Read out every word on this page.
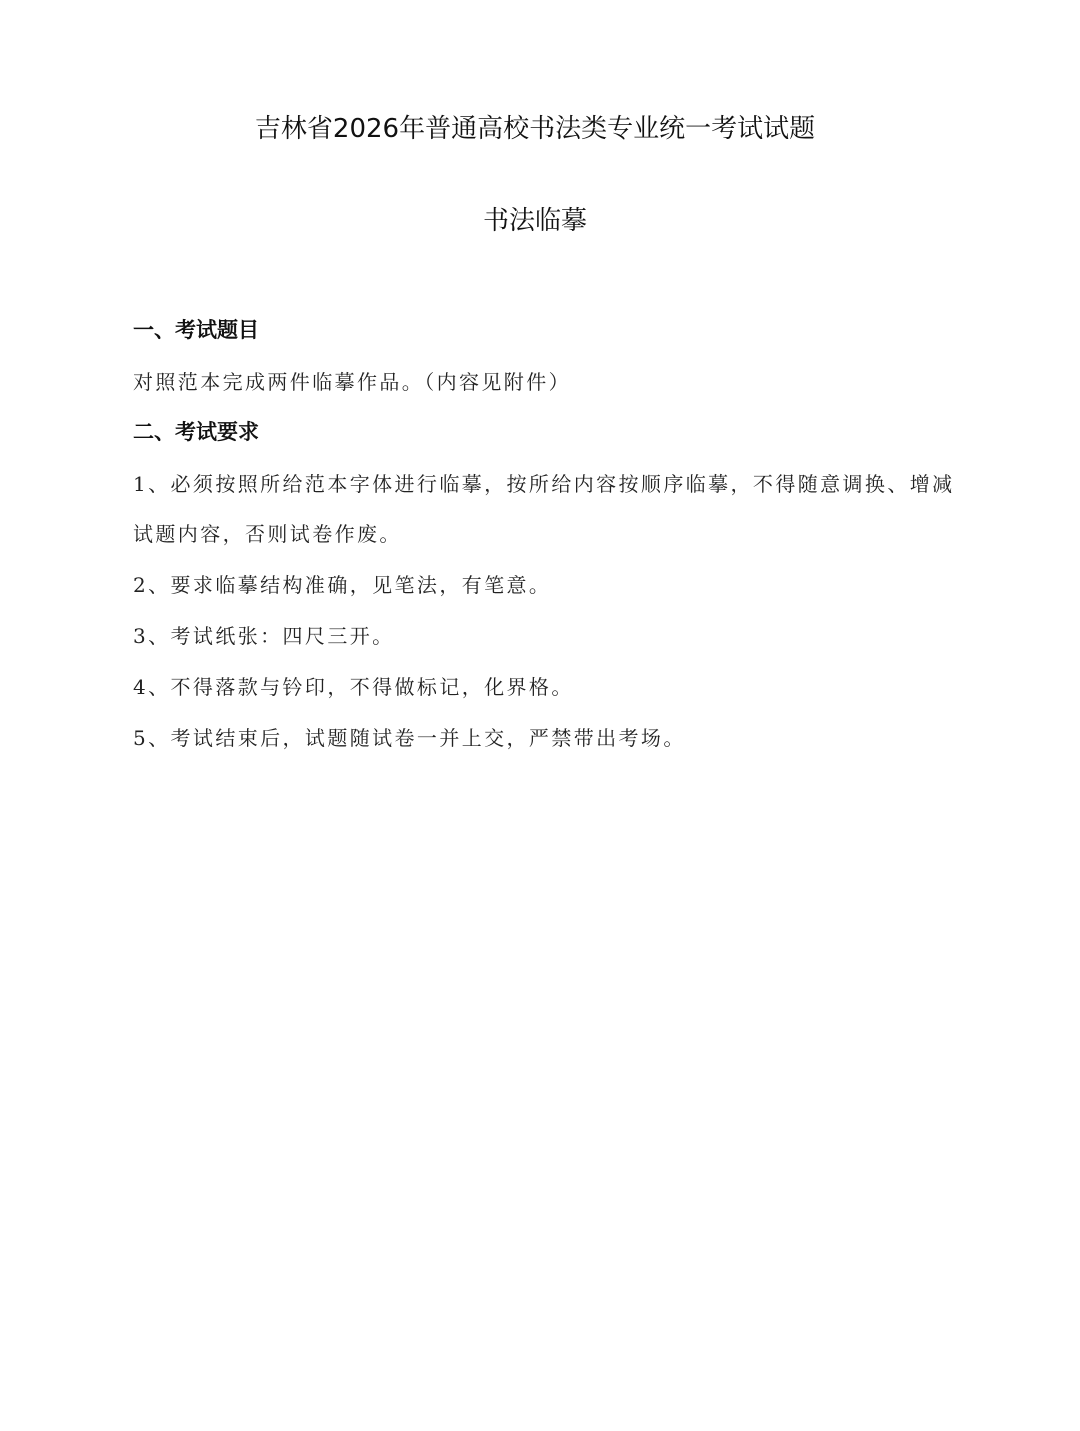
吉林省2026年普通高校书法类专业统一考试试题
书法临摹
一、考试题目
对照范本完成两件临摹作品。（内容见附件）
二、考试要求
1、必须按照所给范本字体进行临摹，按所给内容按顺序临摹，不得随意调换、增减
试题内容，否则试卷作废。
2、要求临摹结构准确，见笔法，有笔意。
3、考试纸张：四尺三开。
4、不得落款与钤印，不得做标记，化界格。
5、考试结束后，试题随试卷一并上交，严禁带出考场。
